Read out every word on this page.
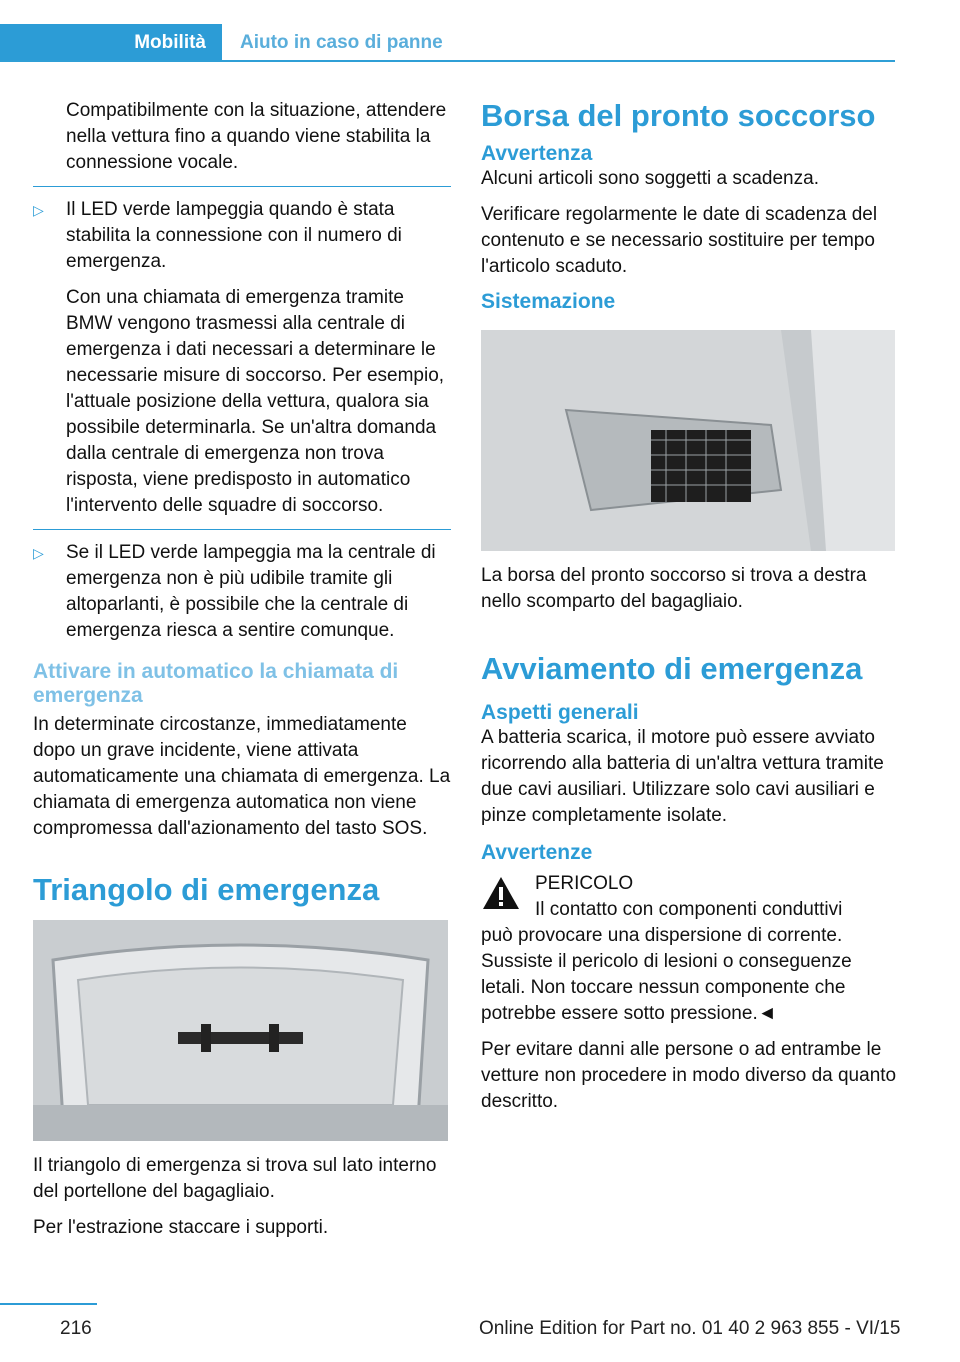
Mobilità	Aiuto in caso di panne

Compatibilmente con la situazione, attendere nella vettura fino a quando viene stabilita la connessione vocale.

▷ Il LED verde lampeggia quando è stata stabilita la connessione con il numero di emergenza.

Con una chiamata di emergenza tramite BMW vengono trasmessi alla centrale di emergenza i dati necessari a determinare le necessarie misure di soccorso. Per esempio, l'attuale posizione della vettura, qualora sia possibile determinarla. Se un'altra domanda dalla centrale di emergenza non trova risposta, viene predisposto in automatico l'intervento delle squadre di soccorso.

▷ Se il LED verde lampeggia ma la centrale di emergenza non è più udibile tramite gli altoparlanti, è possibile che la centrale di emergenza riesca a sentire comunque.

Attivare in automatico la chiamata di emergenza

In determinate circostanze, immediatamente dopo un grave incidente, viene attivata automaticamente una chiamata di emergenza. La chiamata di emergenza automatica non viene compromessa dall'azionamento del tasto SOS.

Triangolo di emergenza

Il triangolo di emergenza si trova sul lato interno del portellone del bagagliaio.

Per l'estrazione staccare i supporti.

Borsa del pronto soccorso
Avvertenza

Alcuni articoli sono soggetti a scadenza.

Verificare regolarmente le date di scadenza del contenuto e se necessario sostituire per tempo l'articolo scaduto.

Sistemazione

La borsa del pronto soccorso si trova a destra nello scomparto del bagagliaio.

Avviamento di emergenza
Aspetti generali

A batteria scarica, il motore può essere avviato ricorrendo alla batteria di un'altra vettura tramite due cavi ausiliari. Utilizzare solo cavi ausiliari e pinze completamente isolate.

Avvertenze

PERICOLO

Il contatto con componenti conduttivi

può provocare una dispersione di corrente. Sussiste il pericolo di lesioni o conseguenze letali. Non toccare nessun componente che potrebbe essere sotto pressione.◄

Per evitare danni alle persone o ad entrambe le vetture non procedere in modo diverso da quanto descritto.

216	Online Edition for Part no. 01 40 2 963 855 - VI/15
